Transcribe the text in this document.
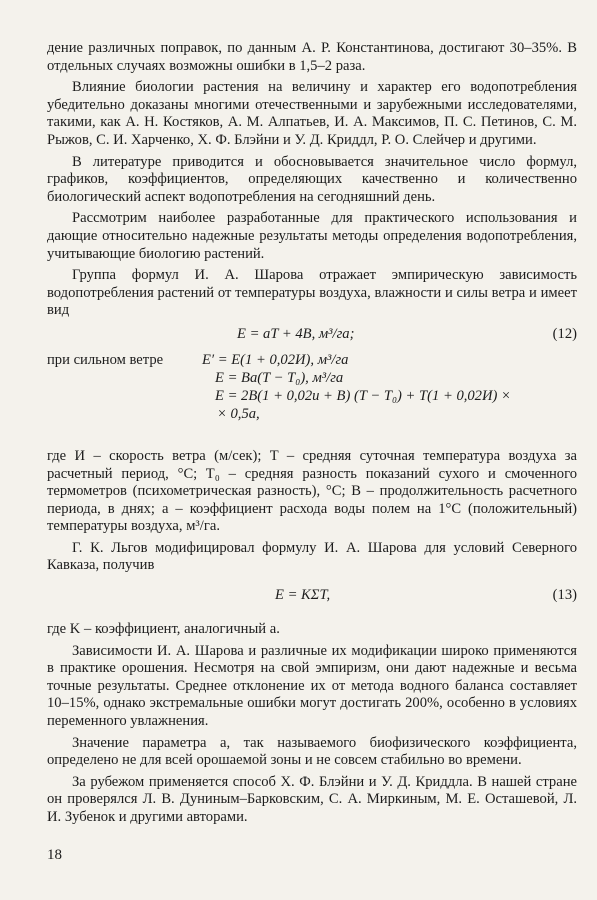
дение различных поправок, по данным А. Р. Константинова, достигают 30–35%. В отдельных случаях возможны ошибки в 1,5–2 раза.

Влияние биологии растения на величину и характер его водопотребления убедительно доказаны многими отечественными и зарубежными исследователями, такими, как А. Н. Костяков, А. М. Алпатьев, И. А. Максимов, П. С. Петинов, С. М. Рыжов, С. И. Харченко, Х. Ф. Блэйни и У. Д. Криддл, Р. О. Слейчер и другими.

В литературе приводится и обосновывается значительное число формул, графиков, коэффициентов, определяющих качественно и количественно биологический аспект водопотребления на сегодняшний день.

Рассмотрим наиболее разработанные для практического использования и дающие относительно надежные результаты методы определения водопотребления, учитывающие биологию растений.

Группа формул И. А. Шарова отражает эмпирическую зависимость водопотребления растений от температуры воздуха, влажности и силы ветра и имеет вид

E = aT + 4B, м³/га;	(12)
при сильном ветре	E′ = E(1 + 0,02И), м³/га
E = Ba(T − T₀), м³/га
E = 2B(1 + 0,02и + B) (T − T₀) + T(1 + 0,02И) ×
× 0,5a,

где И – скорость ветра (м/сек); T – средняя суточная температура воздуха за расчетный период, °C; T₀ – средняя разность показаний сухого и смоченного термометров (психометрическая разность), °C; B – продолжительность расчетного периода, в днях; a – коэффициент расхода воды полем на 1°C (положительный) температуры воздуха, м³/га.

Г. К. Льгов модифицировал формулу И. А. Шарова для условий Северного Кавказа, получив

E = KΣT,	(13)

где K – коэффициент, аналогичный a.

Зависимости И. А. Шарова и различные их модификации широко применяются в практике орошения. Несмотря на свой эмпиризм, они дают надежные и весьма точные результаты. Среднее отклонение их от метода водного баланса составляет 10–15%, однако экстремальные ошибки могут достигать 200%, особенно в условиях переменного увлажнения.

Значение параметра a, так называемого биофизического коэффициента, определено не для всей орошаемой зоны и не совсем стабильно во времени.

За рубежом применяется способ Х. Ф. Блэйни и У. Д. Криддла. В нашей стране он проверялся Л. В. Дуниным–Барковским, С. А. Миркиным, М. Е. Осташевой, Л. И. Зубенок и другими авторами.

18
